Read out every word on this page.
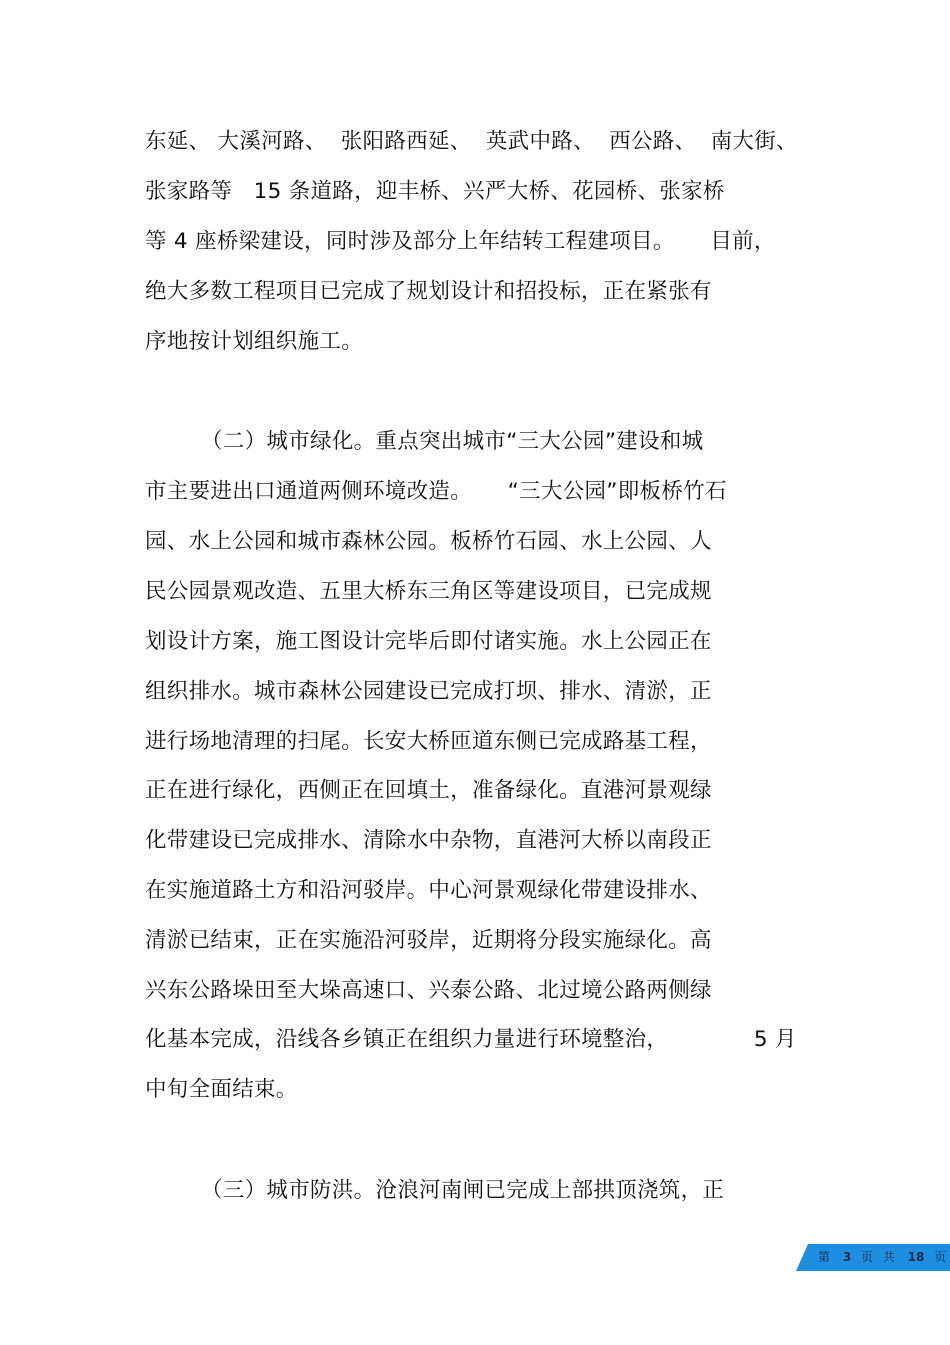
东延、 大溪河路、  张阳路西延、  英武中路、  西公路、  南大街、
张家路等   15 条道路，迎丰桥、兴严大桥、花园桥、张家桥
等 4 座桥梁建设，同时涉及部分上年结转工程建项目。     目前，
绝大多数工程项目已完成了规划设计和招投标，正在紧张有
序地按计划组织施工。
（二）城市绿化。重点突出城市“三大公园”建设和城
市主要进出口通道两侧环境改造。     “三大公园”即板桥竹石
园、水上公园和城市森林公园。板桥竹石园、水上公园、人
民公园景观改造、五里大桥东三角区等建设项目，已完成规
划设计方案，施工图设计完毕后即付诸实施。水上公园正在
组织排水。城市森林公园建设已完成打坝、排水、清淤，正
进行场地清理的扫尾。长安大桥匝道东侧已完成路基工程，
正在进行绿化，西侧正在回填土，准备绿化。直港河景观绿
化带建设已完成排水、清除水中杂物，直港河大桥以南段正
在实施道路土方和沿河驳岸。中心河景观绿化带建设排水、
清淤已结束，正在实施沿河驳岸，近期将分段实施绿化。高
兴东公路垛田至大垛高速口、兴泰公路、北过境公路两侧绿
化基本完成，沿线各乡镇正在组织力量进行环境整治，            5 月
中旬全面结束。
（三）城市防洪。沧浪河南闸已完成上部拱顶浇筑，正
第 3 页 共 18 页
